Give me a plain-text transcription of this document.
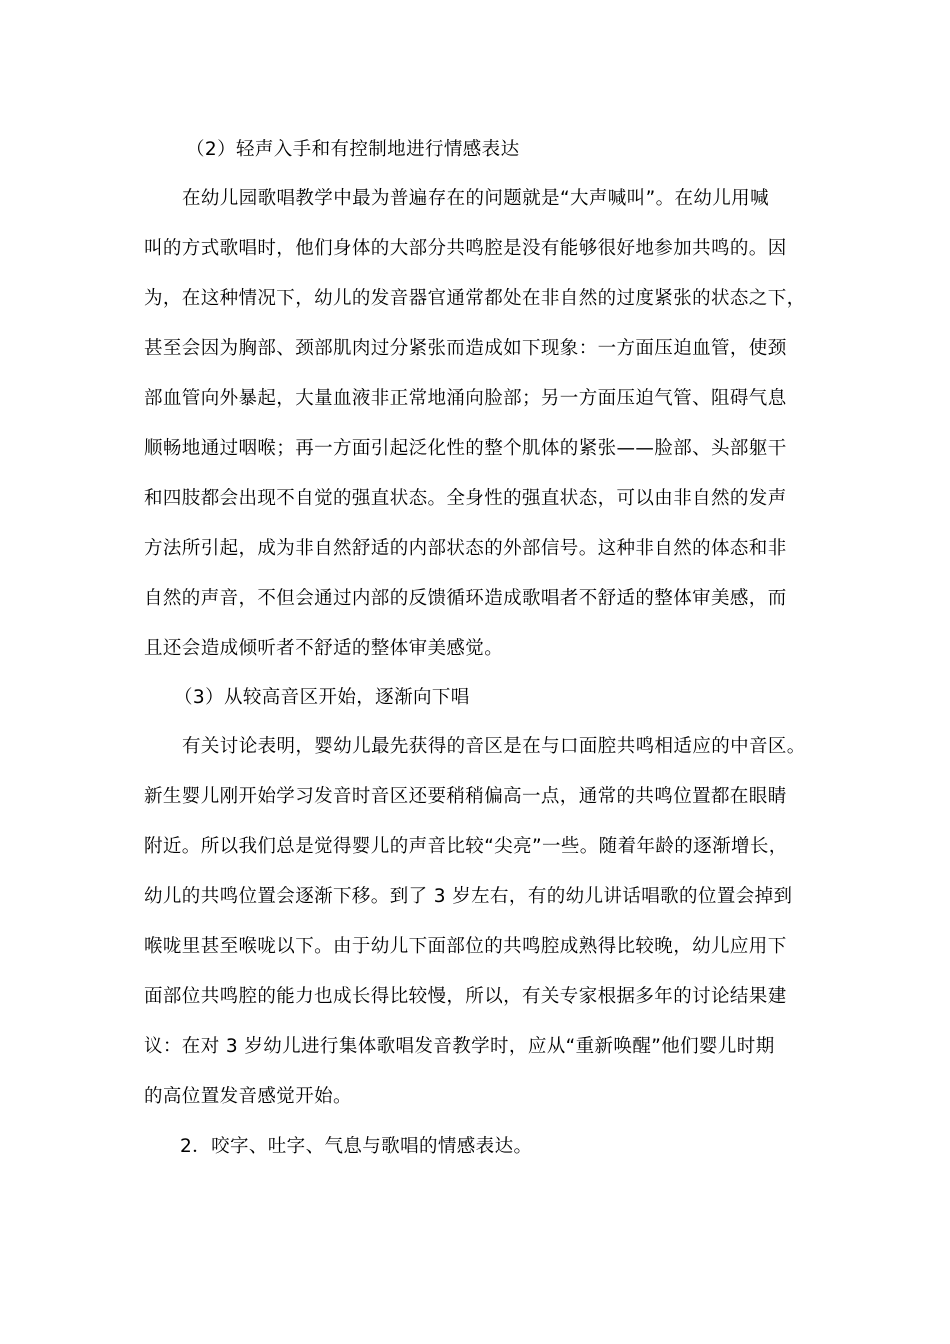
（2）轻声入手和有控制地进行情感表达
在幼儿园歌唱教学中最为普遍存在的问题就是“大声喊叫”。在幼儿用喊
叫的方式歌唱时，他们身体的大部分共鸣腔是没有能够很好地参加共鸣的。因
为，在这种情况下，幼儿的发音器官通常都处在非自然的过度紧张的状态之下，
甚至会因为胸部、颈部肌肉过分紧张而造成如下现象：一方面压迫血管，使颈
部血管向外暴起，大量血液非正常地涌向脸部；另一方面压迫气管、阻碍气息
顺畅地通过咽喉；再一方面引起泛化性的整个肌体的紧张——脸部、头部躯干
和四肢都会出现不自觉的强直状态。全身性的强直状态，可以由非自然的发声
方法所引起，成为非自然舒适的内部状态的外部信号。这种非自然的体态和非
自然的声音，不但会通过内部的反馈循环造成歌唱者不舒适的整体审美感，而
且还会造成倾听者不舒适的整体审美感觉。
（3）从较高音区开始，逐渐向下唱
有关讨论表明，婴幼儿最先获得的音区是在与口面腔共鸣相适应的中音区。
新生婴儿刚开始学习发音时音区还要稍稍偏高一点，通常的共鸣位置都在眼睛
附近。所以我们总是觉得婴儿的声音比较“尖亮”一些。随着年龄的逐渐增长，
幼儿的共鸣位置会逐渐下移。到了 3 岁左右，有的幼儿讲话唱歌的位置会掉到
喉咙里甚至喉咙以下。由于幼儿下面部位的共鸣腔成熟得比较晚，幼儿应用下
面部位共鸣腔的能力也成长得比较慢，所以，有关专家根据多年的讨论结果建
议：在对 3 岁幼儿进行集体歌唱发音教学时，应从“重新唤醒”他们婴儿时期
的高位置发音感觉开始。
2．咬字、吐字、气息与歌唱的情感表达。
